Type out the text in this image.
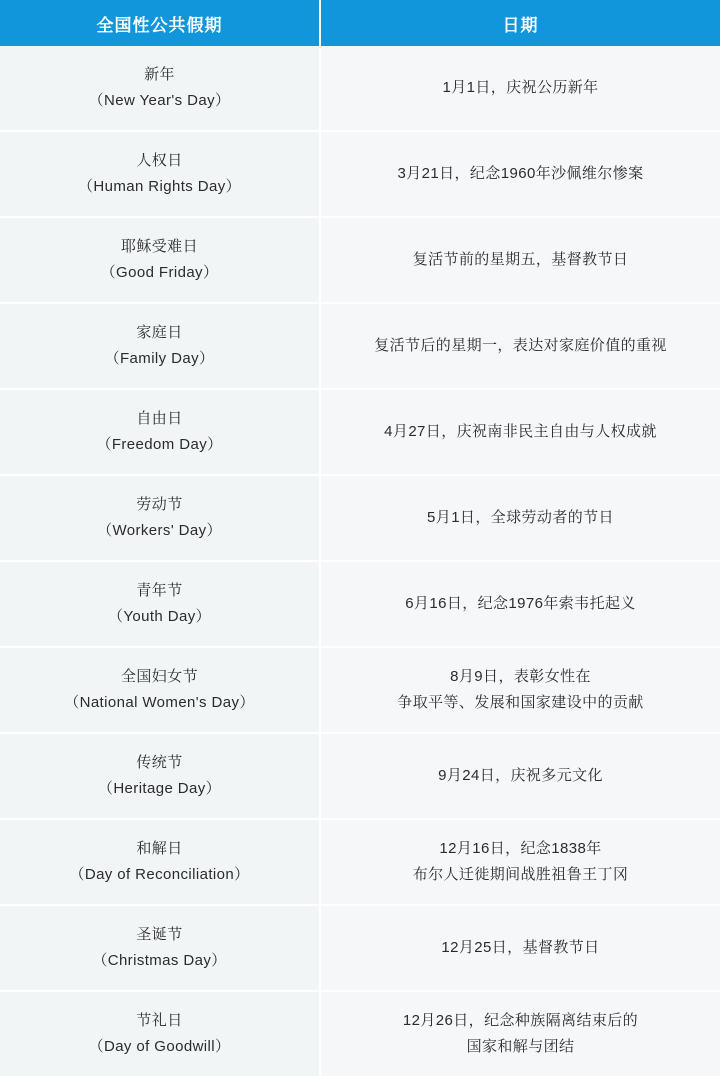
全国性公共假期	日期

新年
（New Year's Day）	1月1日，庆祝公历新年

人权日
（Human Rights Day）	3月21日，纪念1960年沙佩维尔惨案

耶稣受难日
（Good Friday）	复活节前的星期五，基督教节日

家庭日
（Family Day）	复活节后的星期一，表达对家庭价值的重视

自由日
（Freedom Day）	4月27日，庆祝南非民主自由与人权成就

劳动节
（Workers' Day）	5月1日，全球劳动者的节日

青年节
（Youth Day）	6月16日，纪念1976年索韦托起义

全国妇女节
（National Women's Day）	8月9日，表彰女性在
争取平等、发展和国家建设中的贡献

传统节
（Heritage Day）	9月24日，庆祝多元文化

和解日
（Day of Reconciliation）	12月16日，纪念1838年
布尔人迁徙期间战胜祖鲁王丁冈

圣诞节
（Christmas Day）	12月25日，基督教节日

节礼日
（Day of Goodwill）	12月26日，纪念种族隔离结束后的
国家和解与团结
